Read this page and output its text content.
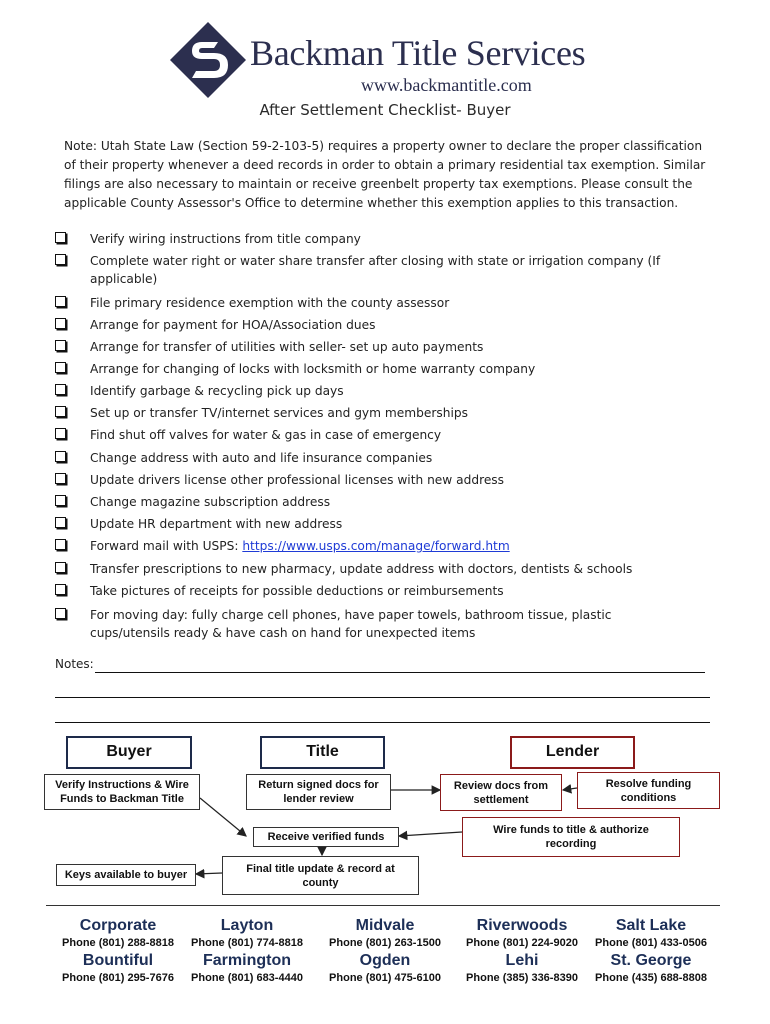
Backman Title Services
www.backmantitle.com
After Settlement Checklist- Buyer
Note: Utah State Law (Section 59-2-103-5) requires a property owner to declare the proper classification of their property whenever a deed records in order to obtain a primary residential tax exemption. Similar filings are also necessary to maintain or receive greenbelt property tax exemptions. Please consult the applicable County Assessor's Office to determine whether this exemption applies to this transaction.
Verify wiring instructions from title company
Complete water right or water share transfer after closing with state or irrigation company (If applicable)
File primary residence exemption with the county assessor
Arrange for payment for HOA/Association dues
Arrange for transfer of utilities with seller- set up auto payments
Arrange for changing of locks with locksmith or home warranty company
Identify garbage & recycling pick up days
Set up or transfer TV/internet services and gym memberships
Find shut off valves for water & gas in case of emergency
Change address with auto and life insurance companies
Update drivers license other professional licenses with new address
Change magazine subscription address
Update HR department with new address
Forward mail with USPS: https://www.usps.com/manage/forward.htm
Transfer prescriptions to new pharmacy, update address with doctors, dentists & schools
Take pictures of receipts for possible deductions or reimbursements
For moving day: fully charge cell phones, have paper towels, bathroom tissue, plastic cups/utensils ready & have cash on hand for unexpected items
Notes:
Buyer	Title	Lender
Verify Instructions & Wire Funds to Backman Title
Return signed docs for lender review
Review docs from settlement
Resolve funding conditions
Receive verified funds
Wire funds to title & authorize recording
Final title update & record at county
Keys available to buyer
Corporate
Phone (801) 288-8818
Layton
Phone (801) 774-8818
Midvale
Phone (801) 263-1500
Riverwoods
Phone (801) 224-9020
Salt Lake
Phone (801) 433-0506
Bountiful
Phone (801) 295-7676
Farmington
Phone (801) 683-4440
Ogden
Phone (801) 475-6100
Lehi
Phone (385) 336-8390
St. George
Phone (435) 688-8808
